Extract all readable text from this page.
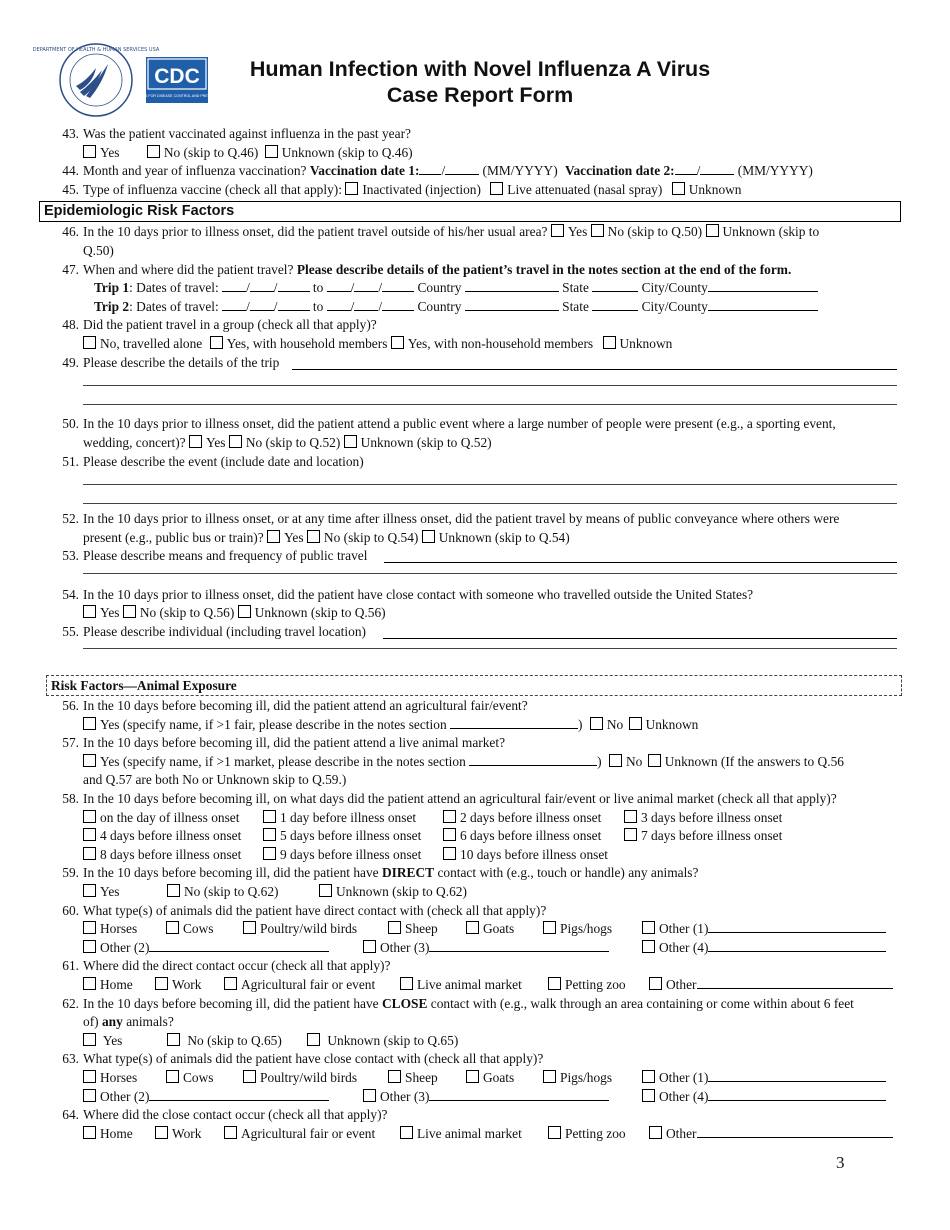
DEPARTMENT OF HEALTH & HUMAN SERVICES USA
CDC
CENTERS FOR DISEASE CONTROL AND PREVENTION
Human Infection with Novel Influenza A Virus
Case Report Form
43. Was the patient vaccinated against influenza in the past year?
Yes	No (skip to Q.46) Unknown (skip to Q.46)
44. Month and year of influenza vaccination? Vaccination date 1: /	(MM/YYYY) Vaccination date 2: /	(MM/YYYY)
45. Type of influenza vaccine (check all that apply): Inactivated (injection) Live attenuated (nasal spray) Unknown
Epidemiologic Risk Factors
46. In the 10 days prior to illness onset, did the patient travel outside of his/her usual area? Yes No (skip to Q.50) Unknown (skip to
Q.50)
47. When and where did the patient travel? Please describe details of the patient’s travel in the notes section at the end of the form.
Trip 1: Dates of travel: / /	to / /	Country	State	City/County
Trip 2: Dates of travel: / /	to / /	Country	State	City/County
48. Did the patient travel in a group (check all that apply)?
No, travelled alone Yes, with household members Yes, with non-household members Unknown
49. Please describe the details of the trip
50. In the 10 days prior to illness onset, did the patient attend a public event where a large number of people were present (e.g., a sporting event,
wedding, concert)? Yes No (skip to Q.52) Unknown (skip to Q.52)
51. Please describe the event (include date and location)
52. In the 10 days prior to illness onset, or at any time after illness onset, did the patient travel by means of public conveyance where others were
present (e.g., public bus or train)? Yes No (skip to Q.54) Unknown (skip to Q.54)
53. Please describe means and frequency of public travel
54. In the 10 days prior to illness onset, did the patient have close contact with someone who travelled outside the United States?
Yes No (skip to Q.56) Unknown (skip to Q.56)
55. Please describe individual (including travel location)
Risk Factors—Animal Exposure
56. In the 10 days before becoming ill, did the patient attend an agricultural fair/event?
Yes (specify name, if >1 fair, please describe in the notes section	) No Unknown
57. In the 10 days before becoming ill, did the patient attend a live animal market?
Yes (specify name, if >1 market, please describe in the notes section	) No Unknown (If the answers to Q.56
and Q.57 are both No or Unknown skip to Q.59.)
58. In the 10 days before becoming ill, on what days did the patient attend an agricultural fair/event or live animal market (check all that apply)?
on the day of illness onset	1 day before illness onset	2 days before illness onset	3 days before illness onset
4 days before illness onset	5 days before illness onset	6 days before illness onset	7 days before illness onset
8 days before illness onset	9 days before illness onset	10 days before illness onset
59. In the 10 days before becoming ill, did the patient have DIRECT contact with (e.g., touch or handle) any animals?
Yes	No (skip to Q.62)	Unknown (skip to Q.62)
60. What type(s) of animals did the patient have direct contact with (check all that apply)?
Horses	Cows	Poultry/wild birds	Sheep	Goats	Pigs/hogs	Other (1)
Other (2)	Other (3)	Other (4)
61. Where did the direct contact occur (check all that apply)?
Home	Work	Agricultural fair or event	Live animal market	Petting zoo	Other
62. In the 10 days before becoming ill, did the patient have CLOSE contact with (e.g., walk through an area containing or come within about 6 feet
of) any animals?
Yes	No (skip to Q.65)	Unknown (skip to Q.65)
63. What type(s) of animals did the patient have close contact with (check all that apply)?
Horses	Cows	Poultry/wild birds	Sheep	Goats	Pigs/hogs	Other (1)
Other (2)	Other (3)	Other (4)
64. Where did the close contact occur (check all that apply)?
Home	Work	Agricultural fair or event	Live animal market	Petting zoo	Other
3
